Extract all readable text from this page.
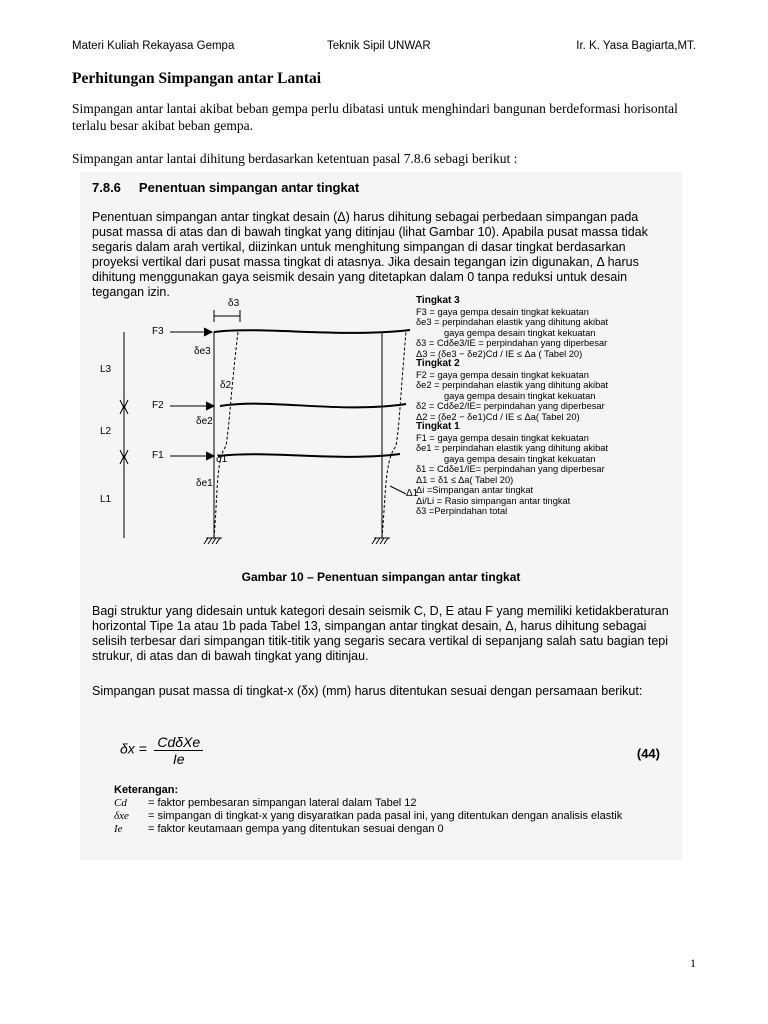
Materi Kuliah Rekayasa Gempa	Teknik Sipil UNWAR	Ir. K. Yasa Bagiarta,MT.
Perhitungan Simpangan antar Lantai
Simpangan antar lantai akibat beban gempa perlu dibatasi untuk menghindari bangunan berdeformasi horisontal terlalu besar akibat beban gempa.
Simpangan antar lantai dihitung berdasarkan ketentuan pasal 7.8.6 sebagi berikut :
7.8.6 Penentuan simpangan antar tingkat
Penentuan simpangan antar tingkat desain (Δ) harus dihitung sebagai perbedaan simpangan pada pusat massa di atas dan di bawah tingkat yang ditinjau (lihat Gambar 10). Apabila pusat massa tidak segaris dalam arah vertikal, diizinkan untuk menghitung simpangan di dasar tingkat berdasarkan proyeksi vertikal dari pusat massa tingkat di atasnya. Jika desain tegangan izin digunakan, Δ harus dihitung menggunakan gaya seismik desain yang ditetapkan dalam 0 tanpa reduksi untuk desain tegangan izin.
δ3
δe3
δ2
δe2
δ1
δe1
F3
F2
F1
L3
L2
L1
Δ1
Tingkat 3
F3 = gaya gempa desain tingkat kekuatan
δe3 = perpindahan elastik yang dihitung akibat
gaya gempa desain tingkat kekuatan
δ3 = Cdδe3/IE = perpindahan yang diperbesar
Δ3 = (δe3 − δe2)Cd / IE ≤ Δa ( Tabel 20)
Tingkat 2
F2 = gaya gempa desain tingkat kekuatan
δe2 = perpindahan elastik yang dihitung akibat
gaya gempa desain tingkat kekuatan
δ2 = Cdδe2/IE= perpindahan yang diperbesar
Δ2 = (δe2 − δe1)Cd / IE ≤ Δa( Tabel 20)
Tingkat 1
F1 = gaya gempa desain tingkat kekuatan
δe1 = perpindahan elastik yang dihitung akibat
gaya gempa desain tingkat kekuatan
δ1 = Cdδe1/IE= perpindahan yang diperbesar
Δ1 = δ1 ≤ Δa( Tabel 20)
Δi =Simpangan antar tingkat
Δi/Li = Rasio simpangan antar tingkat
δ3 =Perpindahan total
Gambar 10 – Penentuan simpangan antar tingkat
Bagi struktur yang didesain untuk kategori desain seismik C, D, E atau F yang memiliki ketidakberaturan horizontal Tipe 1a atau 1b pada Tabel 13, simpangan antar tingkat desain, Δ, harus dihitung sebagai selisih terbesar dari simpangan titik-titik yang segaris secara vertikal di sepanjang salah satu bagian tepi strukur, di atas dan di bawah tingkat yang ditinjau.
Simpangan pusat massa di tingkat-x (δx) (mm) harus ditentukan sesuai dengan persamaan berikut:
$\delta x = \frac{\text{CdδXe}}{Ie}$	(44)
Keterangan:
Cd	= faktor pembesaran simpangan lateral dalam Tabel 12
δxe	= simpangan di tingkat-x yang disyaratkan pada pasal ini, yang ditentukan dengan analisis elastik
Ie	= faktor keutamaan gempa yang ditentukan sesuai dengan 0
1
